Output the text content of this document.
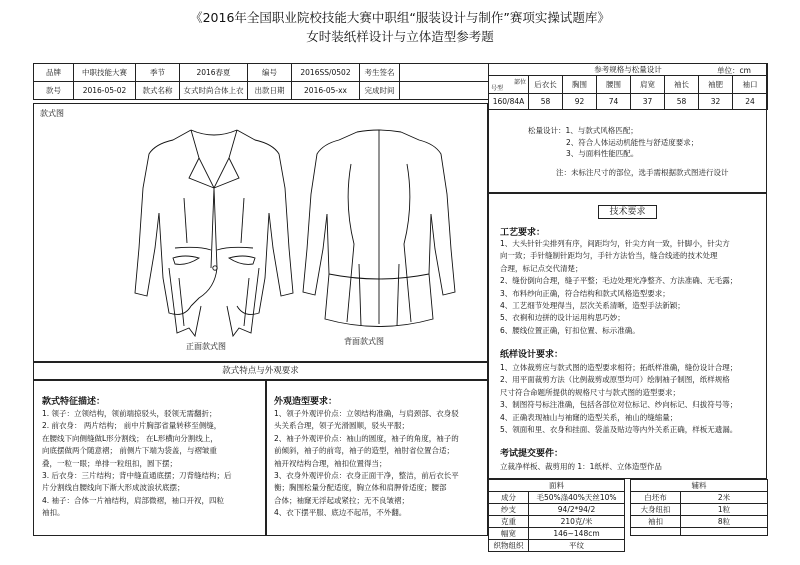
《2016年全国职业院校技能大赛中职组“服装设计与制作”赛项实操试题库》
女时装纸样设计与立体造型参考题
品牌	中职技能大赛	季节	2016春夏	编号	2016SS/0502	考生签名	
款号	2016-05-02	款式名称	女式时尚合体上衣	出款日期	2016-05-xx	完成时间	
款式图
正面款式图
背面款式图
参考规格与松量设计 单位：cm							

部位
号型	后衣长	胸围	腰围	肩宽	袖长	袖肥	袖口
160/84A	58	92	74	37	58	32	24
松量设计：1、与款式风格匹配；
2、符合人体运动机能性与舒适度要求；
3、与面料性能匹配。
注：未标注尺寸的部位，选手需根据款式图进行设计
技术要求
工艺要求：
1、大头针针尖排列有序，间距均匀，针尖方向一致，针脚小，针尖方
向一致；手针缝制针距均匀，手针方法恰当，缝合线迹的技术处理
合理，标记点交代清楚；
2、缝份倒向合理，缝子平整；毛边处理光净整齐、方法准确、无毛露；
3、布料纱向正确，符合结构和款式风格造型要求；
4、工艺细节处理得当，层次关系清晰，造型手法新颖；
5、衣裥和边拼的设计运用构思巧妙；
6、腰线位置正确，钉扣位置、标示准确。
纸样设计要求：
1、立体裁剪应与款式图的造型要求相符；拓纸样准确，缝份设计合理；
2、用平面裁剪方法（比例裁剪或原型均可）绘制袖子制图，纸样规格
尺寸符合命题所提供的规格尺寸与款式图的造型要求；
3、制图符号标注准确，包括各部位对位标记、纱向标记、归拔符号等；
4、正确表现袖山与袖窿的造型关系，袖山的缝缩量；
5、领面和里、衣身和挂面、袋盖及贴边等内外关系正确，样板无遗漏。
考试提交要件：
立裁净样板、裁剪用的 1：1纸样、立体造型作品
款式特点与外观要求
款式特征描述：
1. 领子：立领结构，领前端掠驳头，驳领无需翻折；
2. 前衣身： 两片结构； 前中片胸部省量转移至侧缝，
在腰线下向侧缝做L形分割线； 在L形横向分割线上，
向底摆做两个随意褶； 前侧片下端为袋盖，与褶皱重
叠，一粒一眼；单排一粒纽扣，圆下摆；
3. 后衣身：三片结构；背中缝直通底摆；刀背缝结构；后
片分割线自腰线向下渐大形成波浪状底摆；
4. 袖子：合体一片袖结构，肩部微褶，袖口开衩，四粒
袖扣。
外观造型要求：
1、领子外观评价点：立领结构准确，与肩颈部、衣身驳
头关系合理，领子光滑圆顺，驳头平服；
2、袖子外观评价点：袖山的圆度，袖子的角度，袖子的
前倾斜，袖子的前弯，袖子的造型，袖肘省位置合适；
袖开衩结构合理，袖扣位置得当；
3、衣身外观评价点：衣身正面干净，整洁，前后衣长平
衡；胸围松量分配适度，胸立体和肩胛骨适度；腰部
合体；袖窿无浮起或紧拉；无不良皱褶；
4、衣下摆平服、底边不起吊，不外翻。
面料	
成分	毛50%涤40%天丝10%
纱支	94/2*94/2
克重	210克/米
幅宽	146~148cm
织物组织	平纹
辅料	
白坯布	2米
大身纽扣	1粒
袖扣	8粒
